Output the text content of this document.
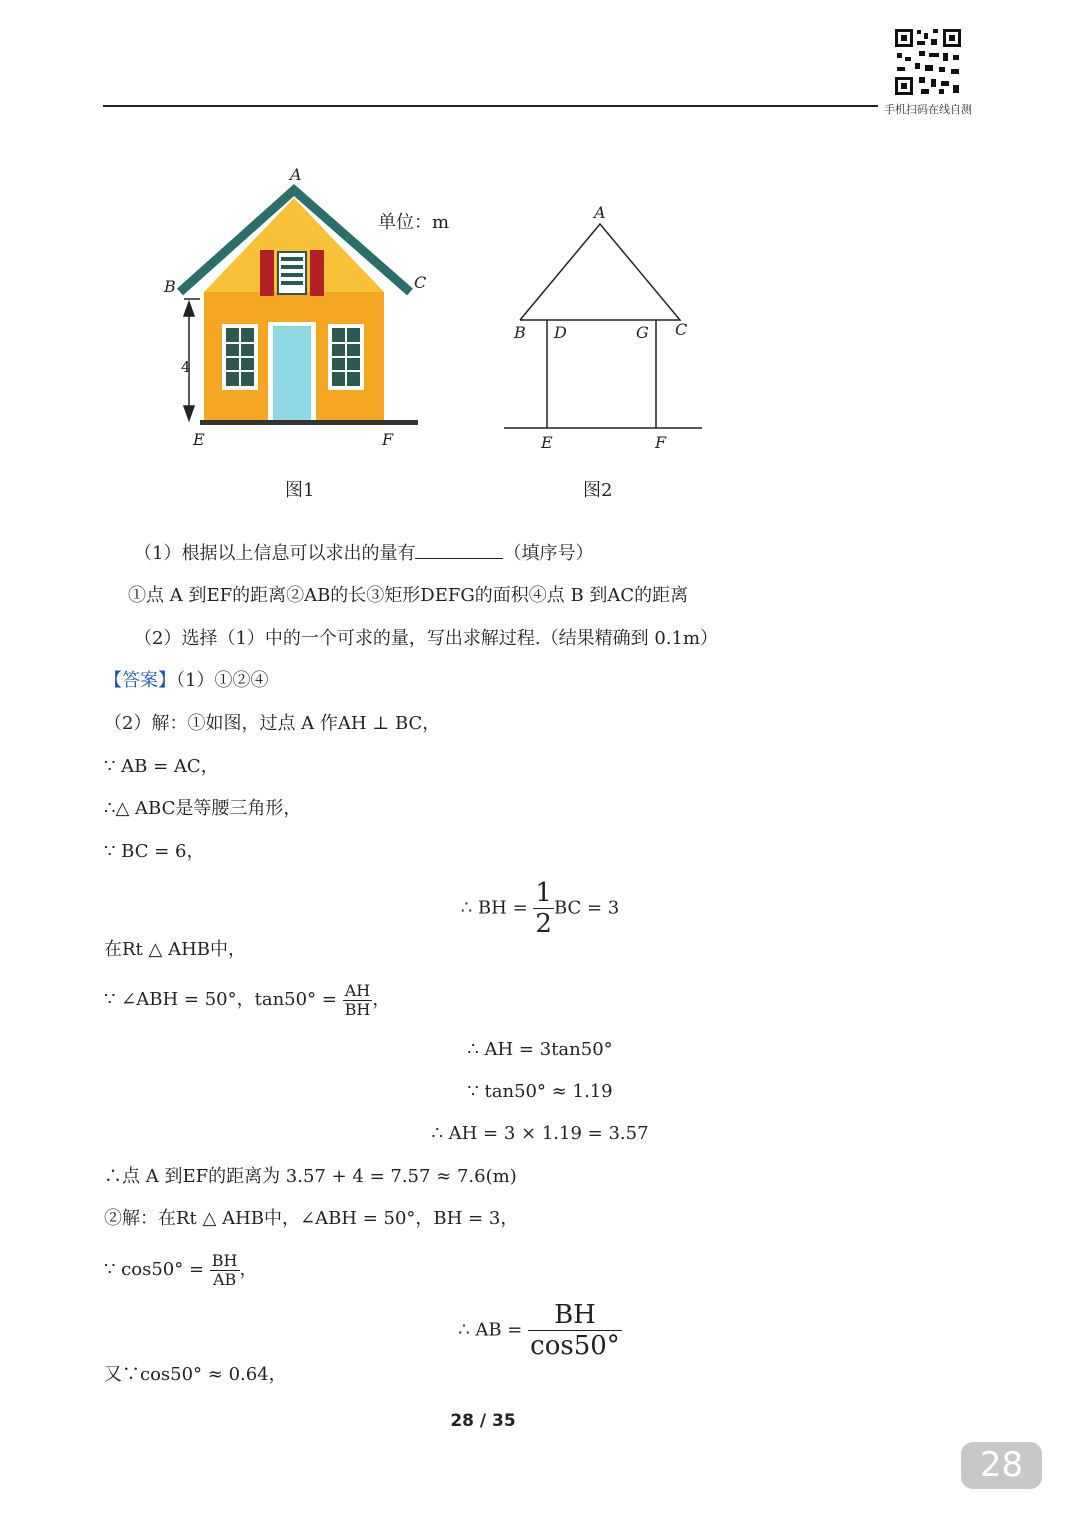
手机扫码在线自测
A
B	C
E	F
4
单位：m
图1
A
B D	G C
E	F
图2
（1）根据以上信息可以求出的量有	（填序号）
①点 A 到EF的距离②AB的长③矩形DEFG的面积④点 B 到AC的距离
（2）选择（1）中的一个可求的量，写出求解过程.（结果精确到 0.1m）
【答案】（1）①②④
（2）解：①如图，过点 A 作AH ⊥ BC，
∵ AB = AC，
∴△ ABC是等腰三角形，
∵ BC = 6，
∴ BH = $\frac{1}{2}$ BC = 3
在Rt △ AHB中，
∵ ∠ABH = 50°，$\tan 50^\circ = \frac{AH}{BH}$ ，
∴ AH = 3tan50°
∵ tan50° ≈ 1.19
∴ AH = 3 × 1.19 = 3.57
∴点 A 到EF的距离为 3.57 + 4 = 7.57 ≈ 7.6(m)
②解：在Rt △ AHB中，∠ABH = 50°，BH = 3，
∵ $\cos 50^\circ = \frac{BH}{AB}$ ，
∴ AB = $\frac{BH}{\cos 50^\circ}$
又∵cos50° ≈ 0.64，
28 / 35
28
